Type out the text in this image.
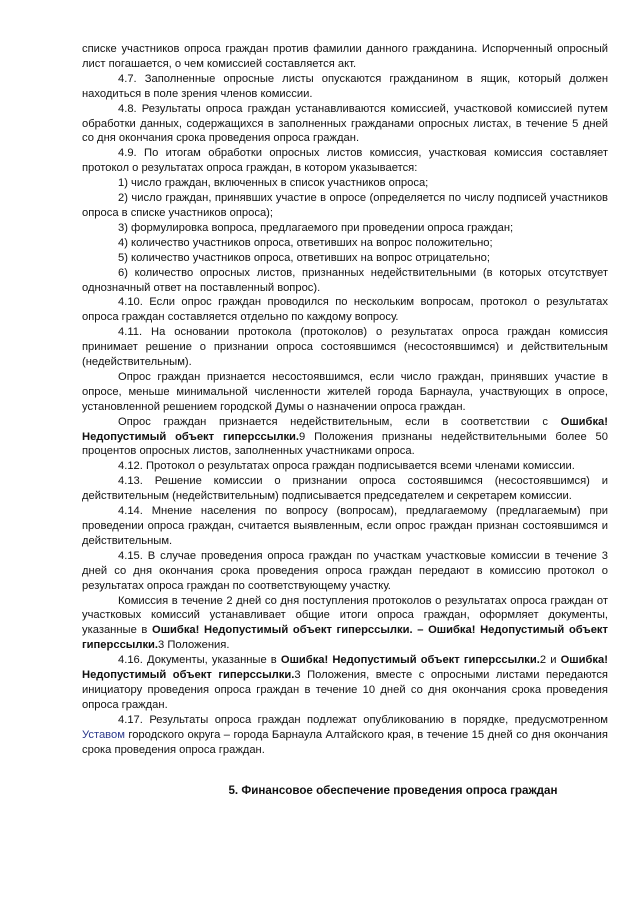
списке участников опроса граждан против фамилии данного гражданина. Испорченный опросный лист погашается, о чем комиссией составляется акт.

4.7. Заполненные опросные листы опускаются гражданином в ящик, который должен находиться в поле зрения членов комиссии.

4.8. Результаты опроса граждан устанавливаются комиссией, участковой комиссией путем обработки данных, содержащихся в заполненных гражданами опросных листах, в течение 5 дней со дня окончания срока проведения опроса граждан.

4.9. По итогам обработки опросных листов комиссия, участковая комиссия составляет протокол о результатах опроса граждан, в котором указывается:

1) число граждан, включенных в список участников опроса;

2) число граждан, принявших участие в опросе (определяется по числу подписей участников опроса в списке участников опроса);

3) формулировка вопроса, предлагаемого при проведении опроса граждан;

4) количество участников опроса, ответивших на вопрос положительно;

5) количество участников опроса, ответивших на вопрос отрицательно;

6) количество опросных листов, признанных недействительными (в которых отсутствует однозначный ответ на поставленный вопрос).

4.10. Если опрос граждан проводился по нескольким вопросам, протокол о результатах опроса граждан составляется отдельно по каждому вопросу.

4.11. На основании протокола (протоколов) о результатах опроса граждан комиссия принимает решение о признании опроса состоявшимся (несостоявшимся) и действительным (недействительным).

Опрос граждан признается несостоявшимся, если число граждан, принявших участие в опросе, меньше минимальной численности жителей города Барнаула, участвующих в опросе, установленной решением городской Думы о назначении опроса граждан.

Опрос граждан признается недействительным, если в соответствии с Ошибка! Недопустимый объект гиперссылки.9 Положения признаны недействительными более 50 процентов опросных листов, заполненных участниками опроса.

4.12. Протокол о результатах опроса граждан подписывается всеми членами комиссии.

4.13. Решение комиссии о признании опроса состоявшимся (несостоявшимся) и действительным (недействительным) подписывается председателем и секретарем комиссии.

4.14. Мнение населения по вопросу (вопросам), предлагаемому (предлагаемым) при проведении опроса граждан, считается выявленным, если опрос граждан признан состоявшимся и действительным.

4.15. В случае проведения опроса граждан по участкам участковые комиссии в течение 3 дней со дня окончания срока проведения опроса граждан передают в комиссию протокол о результатах опроса граждан по соответствующему участку.

Комиссия в течение 2 дней со дня поступления протоколов о результатах опроса граждан от участковых комиссий устанавливает общие итоги опроса граждан, оформляет документы, указанные в Ошибка! Недопустимый объект гиперссылки. – Ошибка! Недопустимый объект гиперссылки.3 Положения.

4.16. Документы, указанные в Ошибка! Недопустимый объект гиперссылки.2 и Ошибка! Недопустимый объект гиперссылки.3 Положения, вместе с опросными листами передаются инициатору проведения опроса граждан в течение 10 дней со дня окончания срока проведения опроса граждан.

4.17. Результаты опроса граждан подлежат опубликованию в порядке, предусмотренном Уставом городского округа – города Барнаула Алтайского края, в течение 15 дней со дня окончания срока проведения опроса граждан.

5. Финансовое обеспечение проведения опроса граждан
